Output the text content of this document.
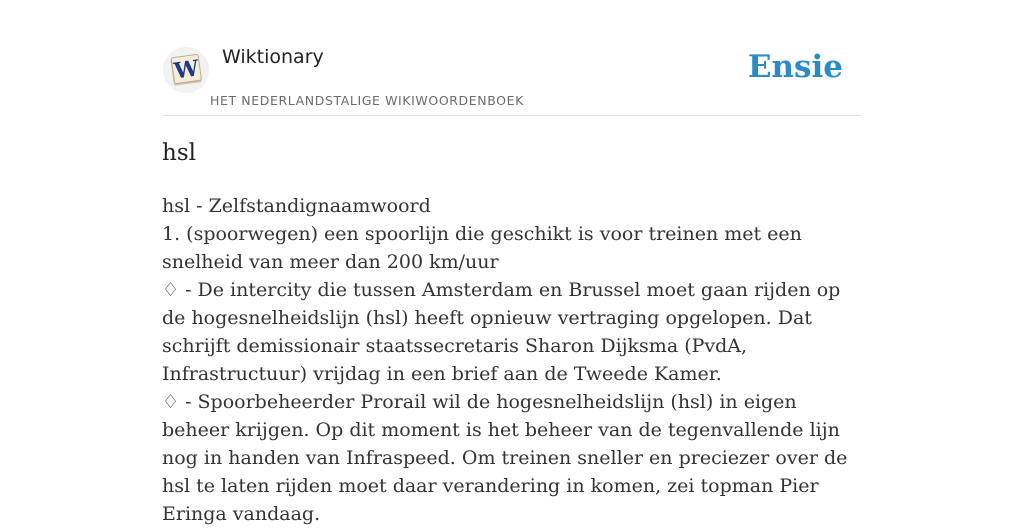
W Wiktionary
HET NEDERLANDSTALIGE WIKIWOORDENBOEK
Ensie
hsl

hsl - Zelfstandignaamwoord

1. (spoorwegen) een spoorlijn die geschikt is voor treinen met een snelheid van meer dan 200 km/uur

♢ - De intercity die tussen Amsterdam en Brussel moet gaan rijden op de hogesnelheidslijn (hsl) heeft opnieuw vertraging opgelopen. Dat schrijft demissionair staatssecretaris Sharon Dijksma (PvdA, Infrastructuur) vrijdag in een brief aan de Tweede Kamer.

♢ - Spoorbeheerder Prorail wil de hogesnelheidslijn (hsl) in eigen beheer krijgen. Op dit moment is het beheer van de tegenvallende lijn nog in handen van Infraspeed. Om treinen sneller en preciezer over de hsl te laten rijden moet daar verandering in komen, zei topman Pier Eringa vandaag.
